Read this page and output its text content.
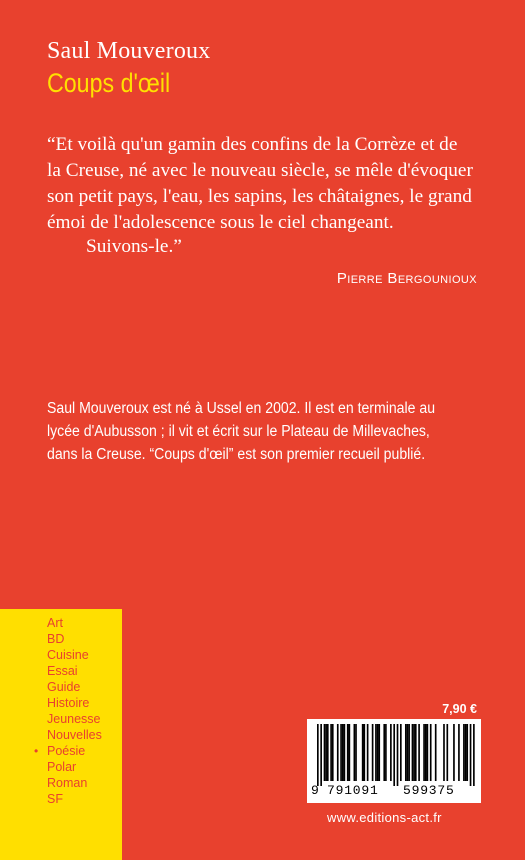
Saul Mouveroux
Coups d'œil

“Et voilà qu'un gamin des confins de la Corrèze et de
la Creuse, né avec le nouveau siècle, se mêle d'évoquer
son petit pays, l'eau, les sapins, les châtaignes, le grand
émoi de l'adolescence sous le ciel changeant.

Suivons-le.”
Pierre Bergounioux

Saul Mouveroux est né à Ussel en 2002. Il est en terminale au
lycée d'Aubusson ; il vit et écrit sur le Plateau de Millevaches,
dans la Creuse. “Coups d'œil” est son premier recueil publié.

Art
BD
Cuisine
Essai
Guide
Histoire
Jeunesse
Nouvelles
• Poésie
Polar
Roman
SF
7,90 €
9 791091 599375
www.editions-act.fr
